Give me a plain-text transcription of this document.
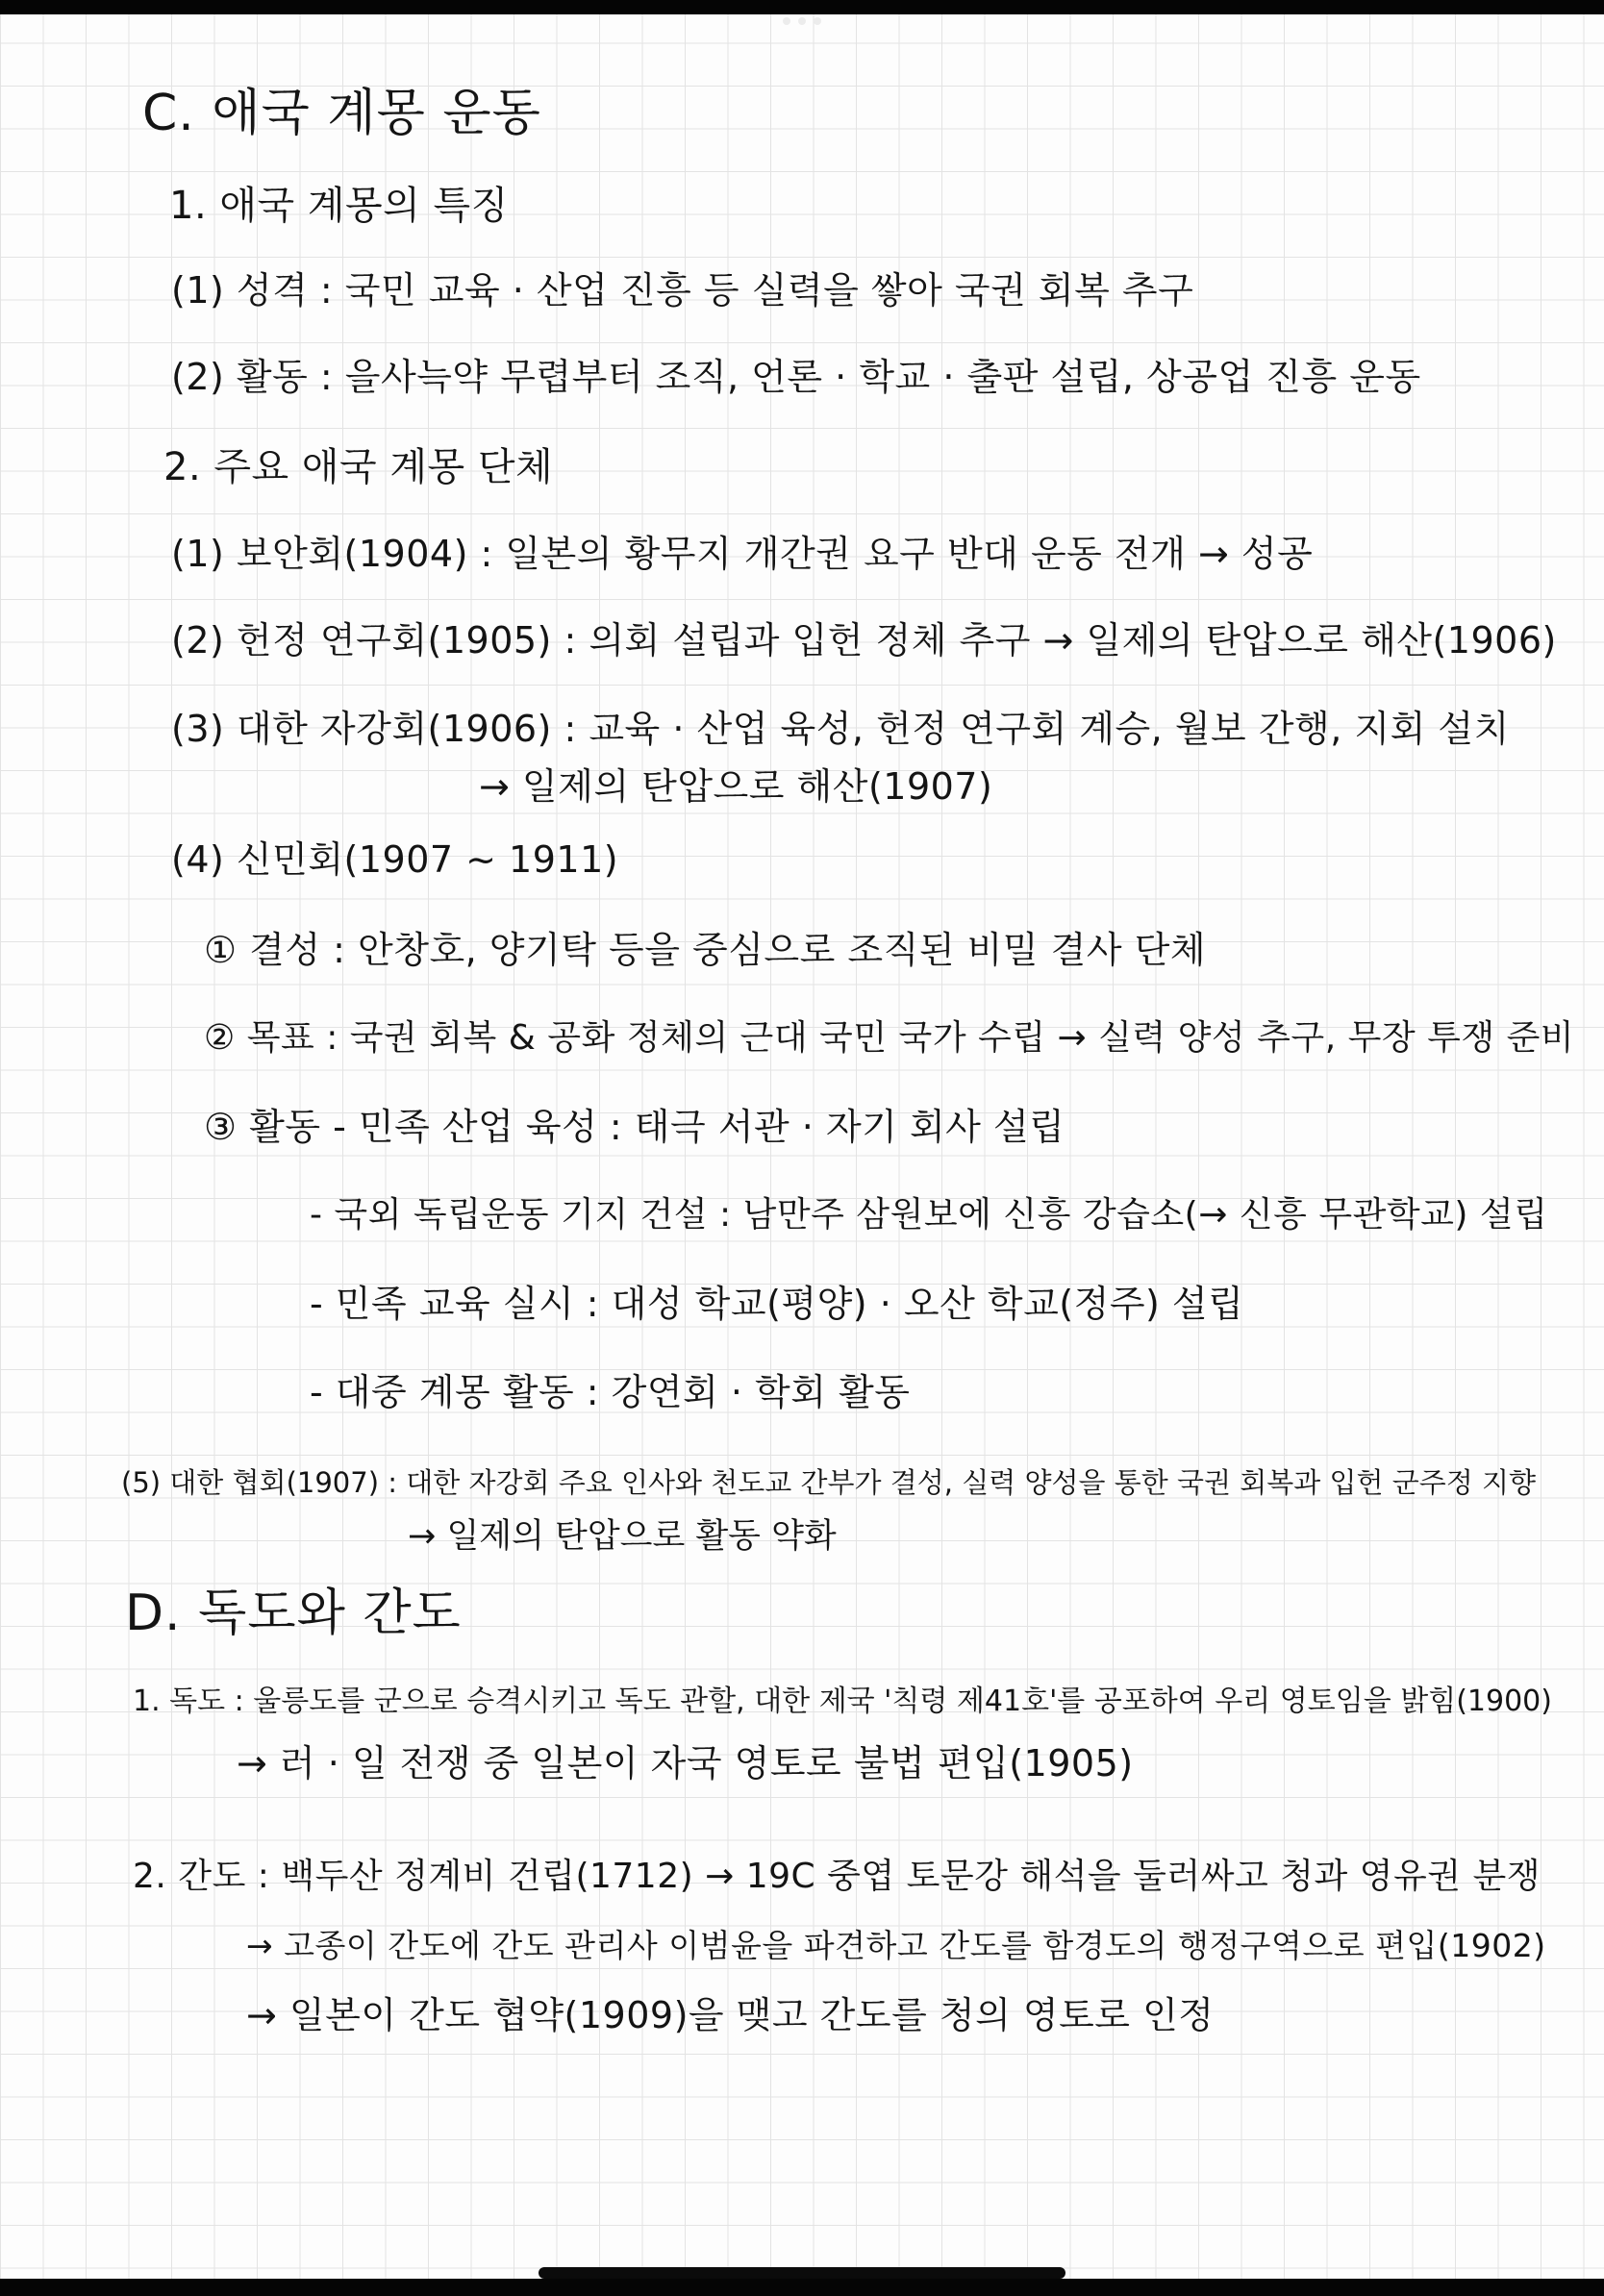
C. 애국 계몽 운동
1. 애국 계몽의 특징
(1) 성격 : 국민 교육 · 산업 진흥 등 실력을 쌓아 국권 회복 추구
(2) 활동 : 을사늑약 무렵부터 조직, 언론 · 학교 · 출판 설립, 상공업 진흥 운동
2. 주요 애국 계몽 단체
(1) 보안회(1904) : 일본의 황무지 개간권 요구 반대 운동 전개 → 성공
(2) 헌정 연구회(1905) : 의회 설립과 입헌 정체 추구 → 일제의 탄압으로 해산(1906)
(3) 대한 자강회(1906) : 교육 · 산업 육성, 헌정 연구회 계승, 월보 간행, 지회 설치
→ 일제의 탄압으로 해산(1907)
(4) 신민회(1907 ~ 1911)
① 결성 : 안창호, 양기탁 등을 중심으로 조직된 비밀 결사 단체
② 목표 : 국권 회복 & 공화 정체의 근대 국민 국가 수립 → 실력 양성 추구, 무장 투쟁 준비
③ 활동 - 민족 산업 육성 : 태극 서관 · 자기 회사 설립
- 국외 독립운동 기지 건설 : 남만주 삼원보에 신흥 강습소(→ 신흥 무관학교) 설립
- 민족 교육 실시 : 대성 학교(평양) · 오산 학교(정주) 설립
- 대중 계몽 활동 : 강연회 · 학회 활동
(5) 대한 협회(1907) : 대한 자강회 주요 인사와 천도교 간부가 결성, 실력 양성을 통한 국권 회복과 입헌 군주정 지향
→ 일제의 탄압으로 활동 약화
D. 독도와 간도
1. 독도 : 울릉도를 군으로 승격시키고 독도 관할, 대한 제국 '칙령 제41호'를 공포하여 우리 영토임을 밝힘(1900)
→ 러 · 일 전쟁 중 일본이 자국 영토로 불법 편입(1905)
2. 간도 : 백두산 정계비 건립(1712) → 19C 중엽 토문강 해석을 둘러싸고 청과 영유권 분쟁
→ 고종이 간도에 간도 관리사 이범윤을 파견하고 간도를 함경도의 행정구역으로 편입(1902)
→ 일본이 간도 협약(1909)을 맺고 간도를 청의 영토로 인정
